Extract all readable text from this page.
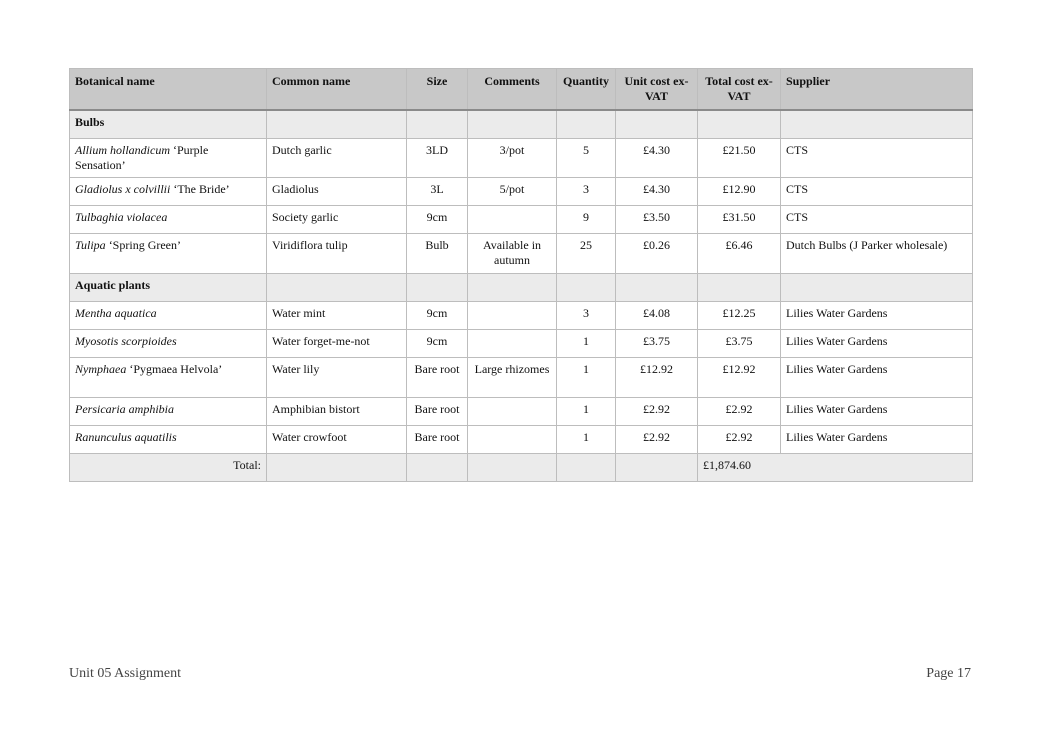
Botanical name	Common name	Size	Comments	Quantity	Unit cost ex-VAT	Total cost ex-VAT	Supplier
Bulbs							
Allium hollandicum ‘Purple Sensation’	Dutch garlic	3LD	3/pot	5	£4.30	£21.50	CTS
Gladiolus x colvillii ‘The Bride’	Gladiolus	3L	5/pot	3	£4.30	£12.90	CTS
Tulbaghia violacea	Society garlic	9cm		9	£3.50	£31.50	CTS
Tulipa ‘Spring Green’	Viridiflora tulip	Bulb	Available in autumn	25	£0.26	£6.46	Dutch Bulbs (J Parker wholesale)
Aquatic plants							
Mentha aquatica	Water mint	9cm		3	£4.08	£12.25	Lilies Water Gardens
Myosotis scorpioides	Water forget-me-not	9cm		1	£3.75	£3.75	Lilies Water Gardens
Nymphaea ‘Pygmaea Helvola’	Water lily	Bare root	Large rhizomes	1	£12.92	£12.92	Lilies Water Gardens
Persicaria amphibia	Amphibian bistort	Bare root		1	£2.92	£2.92	Lilies Water Gardens
Ranunculus aquatilis	Water crowfoot	Bare root		1	£2.92	£2.92	Lilies Water Gardens
Total:						£1,874.60	
Unit 05 Assignment	Page 17
